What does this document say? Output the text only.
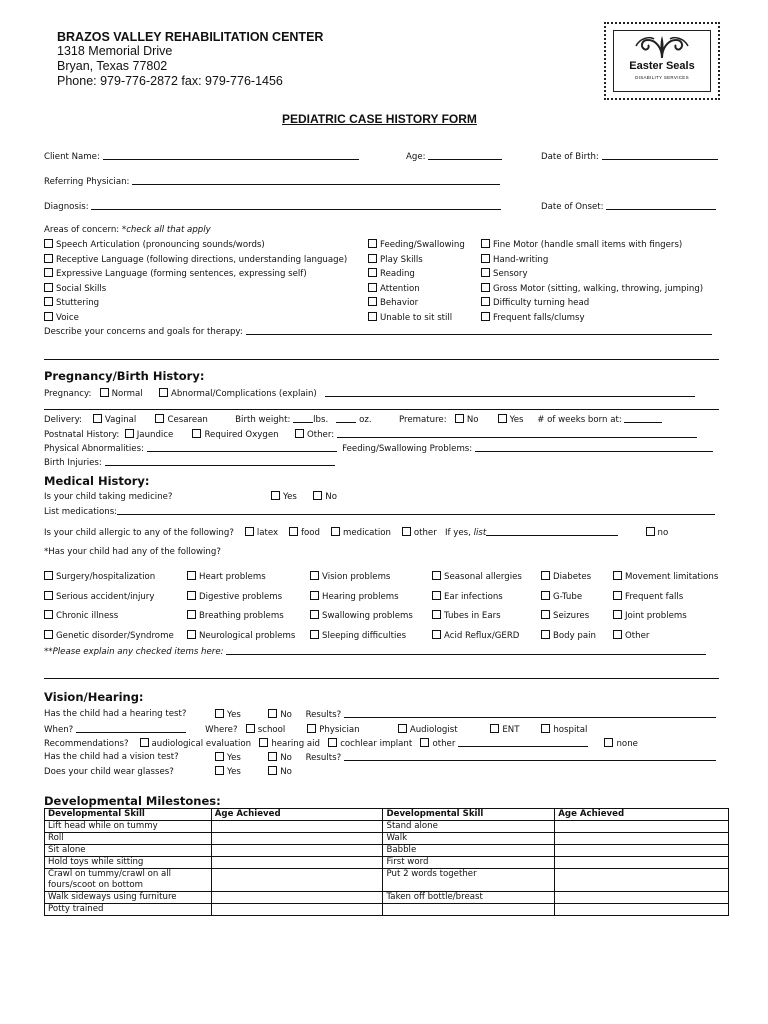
BRAZOS VALLEY REHABILITATION CENTER
1318 Memorial Drive
Bryan, Texas 77802
Phone: 979-776-2872 fax: 979-776-1456
Easter Seals
DISABILITY SERVICES
PEDIATRIC CASE HISTORY FORM
Client Name:	Age:	Date of Birth:
Referring Physician:
Diagnosis:	Date of Onset:
Areas of concern: *check all that apply
Speech Articulation (pronouncing sounds/words)
Receptive Language (following directions, understanding language)
Expressive Language (forming sentences, expressing self)
Social Skills
Stuttering
Voice
Feeding/Swallowing
Play Skills
Reading
Attention
Behavior
Unable to sit still
Fine Motor (handle small items with fingers)
Hand-writing
Sensory
Gross Motor (sitting, walking, throwing, jumping)
Difficulty turning head
Frequent falls/clumsy
Describe your concerns and goals for therapy:
Pregnancy/Birth History:
Pregnancy: Normal	Abnormal/Complications (explain)
Delivery:	Vaginal	Cesarean	Birth weight:	lbs.	oz.	Premature: No	Yes # of weeks born at:
Postnatal History: Jaundice	Required Oxygen	Other:
Physical Abnormalities:	Feeding/Swallowing Problems:
Birth Injuries:
Medical History:
Is your child taking medicine?	Yes	No
List medications:
Is your child allergic to any of the following?	latex	food	medication	other If yes, list	no
*Has your child had any of the following?
Surgery/hospitalization
Serious accident/injury
Chronic illness
Genetic disorder/Syndrome
Heart problems
Digestive problems
Breathing problems
Neurological problems
Vision problems
Hearing problems
Swallowing problems
Sleeping difficulties
Seasonal allergies
Ear infections
Tubes in Ears
Acid Reflux/GERD
Diabetes
G-Tube
Seizures
Body pain
Movement limitations
Frequent falls
Joint problems
Other
**Please explain any checked items here:
Vision/Hearing:
Has the child had a hearing test?	Yes	No Results?
When?	Where? school	Physician	Audiologist	ENT	hospital
Recommendations?	audiological evaluation hearing aid cochlear implant other	none
Has the child had a vision test?	Yes	No Results?
Does your child wear glasses?	Yes	No
Developmental Milestones:
Developmental Skill	Age Achieved	Developmental Skill	Age Achieved
Lift head while on tummy		Stand alone	
Roll		Walk	
Sit alone		Babble	
Hold toys while sitting		First word	
Crawl on tummy/crawl on all fours/scoot on bottom		Put 2 words together	
Walk sideways using furniture		Taken off bottle/breast	
Potty trained			
